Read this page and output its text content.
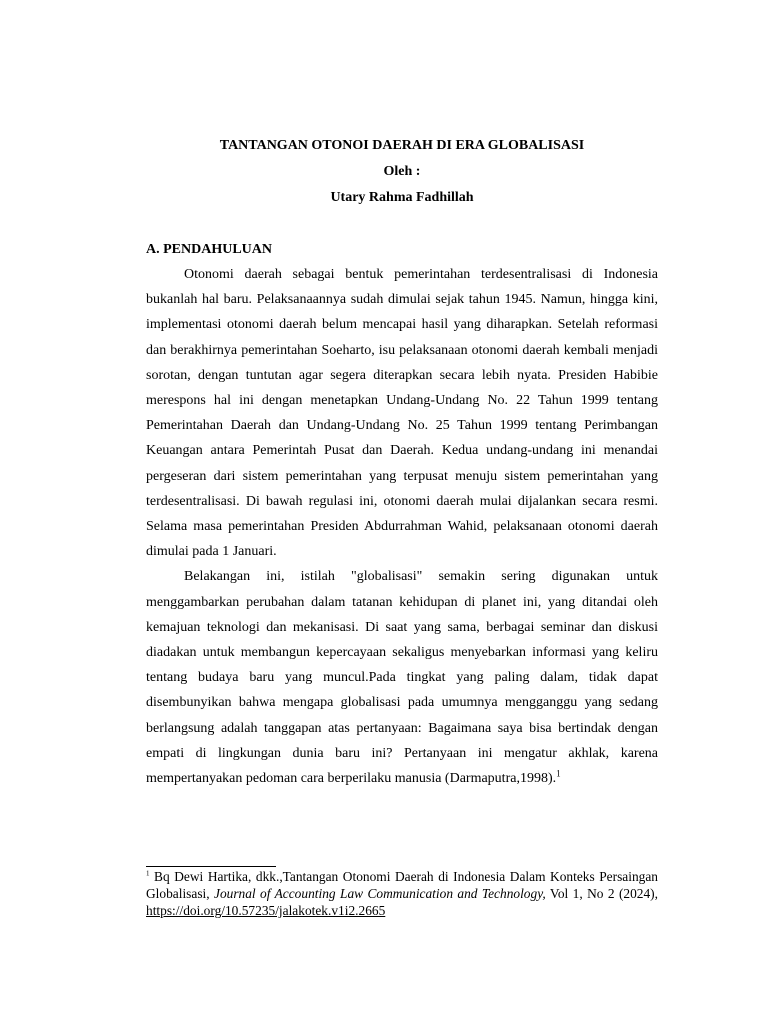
TANTANGAN OTONOI DAERAH DI ERA GLOBALISASI
Oleh :
Utary Rahma Fadhillah
A. PENDAHULUAN

Otonomi daerah sebagai bentuk pemerintahan terdesentralisasi di Indonesia bukanlah hal baru. Pelaksanaannya sudah dimulai sejak tahun 1945. Namun, hingga kini, implementasi otonomi daerah belum mencapai hasil yang diharapkan. Setelah reformasi dan berakhirnya pemerintahan Soeharto, isu pelaksanaan otonomi daerah kembali menjadi sorotan, dengan tuntutan agar segera diterapkan secara lebih nyata. Presiden Habibie merespons hal ini dengan menetapkan Undang-Undang No. 22 Tahun 1999 tentang Pemerintahan Daerah dan Undang-Undang No. 25 Tahun 1999 tentang Perimbangan Keuangan antara Pemerintah Pusat dan Daerah. Kedua undang-undang ini menandai pergeseran dari sistem pemerintahan yang terpusat menuju sistem pemerintahan yang terdesentralisasi. Di bawah regulasi ini, otonomi daerah mulai dijalankan secara resmi. Selama masa pemerintahan Presiden Abdurrahman Wahid, pelaksanaan otonomi daerah dimulai pada 1 Januari.

Belakangan ini, istilah "globalisasi" semakin sering digunakan untuk menggambarkan perubahan dalam tatanan kehidupan di planet ini, yang ditandai oleh kemajuan teknologi dan mekanisasi. Di saat yang sama, berbagai seminar dan diskusi diadakan untuk membangun kepercayaan sekaligus menyebarkan informasi yang keliru tentang budaya baru yang muncul.Pada tingkat yang paling dalam, tidak dapat disembunyikan bahwa mengapa globalisasi pada umumnya mengganggu yang sedang berlangsung adalah tanggapan atas pertanyaan: Bagaimana saya bisa bertindak dengan empati di lingkungan dunia baru ini? Pertanyaan ini mengatur akhlak, karena mempertanyakan pedoman cara berperilaku manusia (Darmaputra,1998).$^1$

$^1$ Bq Dewi Hartika, dkk.,Tantangan Otonomi Daerah di Indonesia Dalam Konteks Persaingan Globalisasi, Journal of Accounting Law Communication and Technology, Vol 1, No 2 (2024), https://doi.org/10.57235/jalakotek.v1i2.2665
